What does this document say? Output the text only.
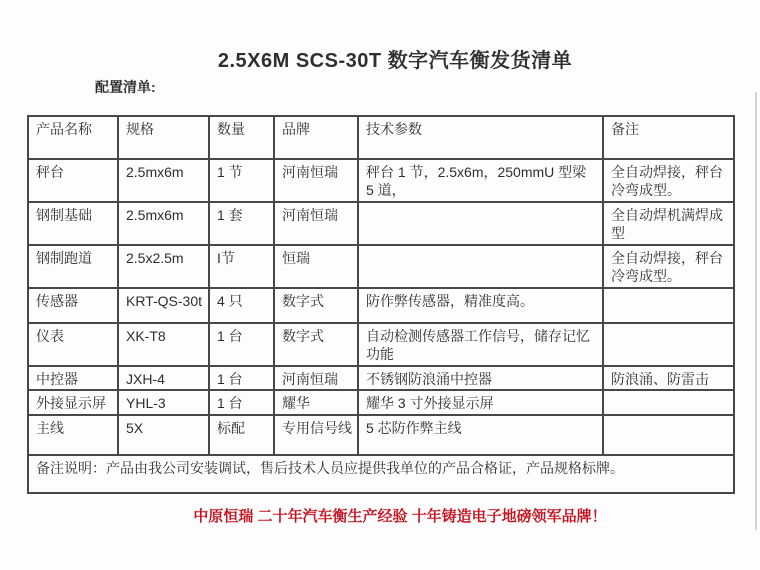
2.5X6M SCS-30T 数字汽车衡发货清单
配置清单:
产品名称	规格	数量	品牌	技术参数	备注
秤台	2.5mx6m	1 节	河南恒瑞	秤台 1 节，2.5x6m，250mmU 型梁 5 道，	全自动焊接，秤台冷弯成型。
钢制基础	2.5mx6m	1 套	河南恒瑞		全自动焊机满焊成型
钢制跑道	2.5x2.5m	I节	恒瑞		全自动焊接，秤台冷弯成型。
传感器	KRT-QS-30t	4 只	数字式	防作弊传感器，精准度高。	
仪表	XK-T8	1 台	数字式	自动检测传感器工作信号，储存记忆功能	
中控器	JXH-4	1 台	河南恒瑞	不锈钢防浪涌中控器	防浪涌、防雷击
外接显示屏	YHL-3	1 台	耀华	耀华 3 寸外接显示屏	
主线	5X	标配	专用信号线	5 芯防作弊主线	
备注说明：产品由我公司安装调试，售后技术人员应提供我单位的产品合格证，产品规格标牌。					
中原恒瑞 二十年汽车衡生产经验 十年铸造电子地磅领军品牌！
